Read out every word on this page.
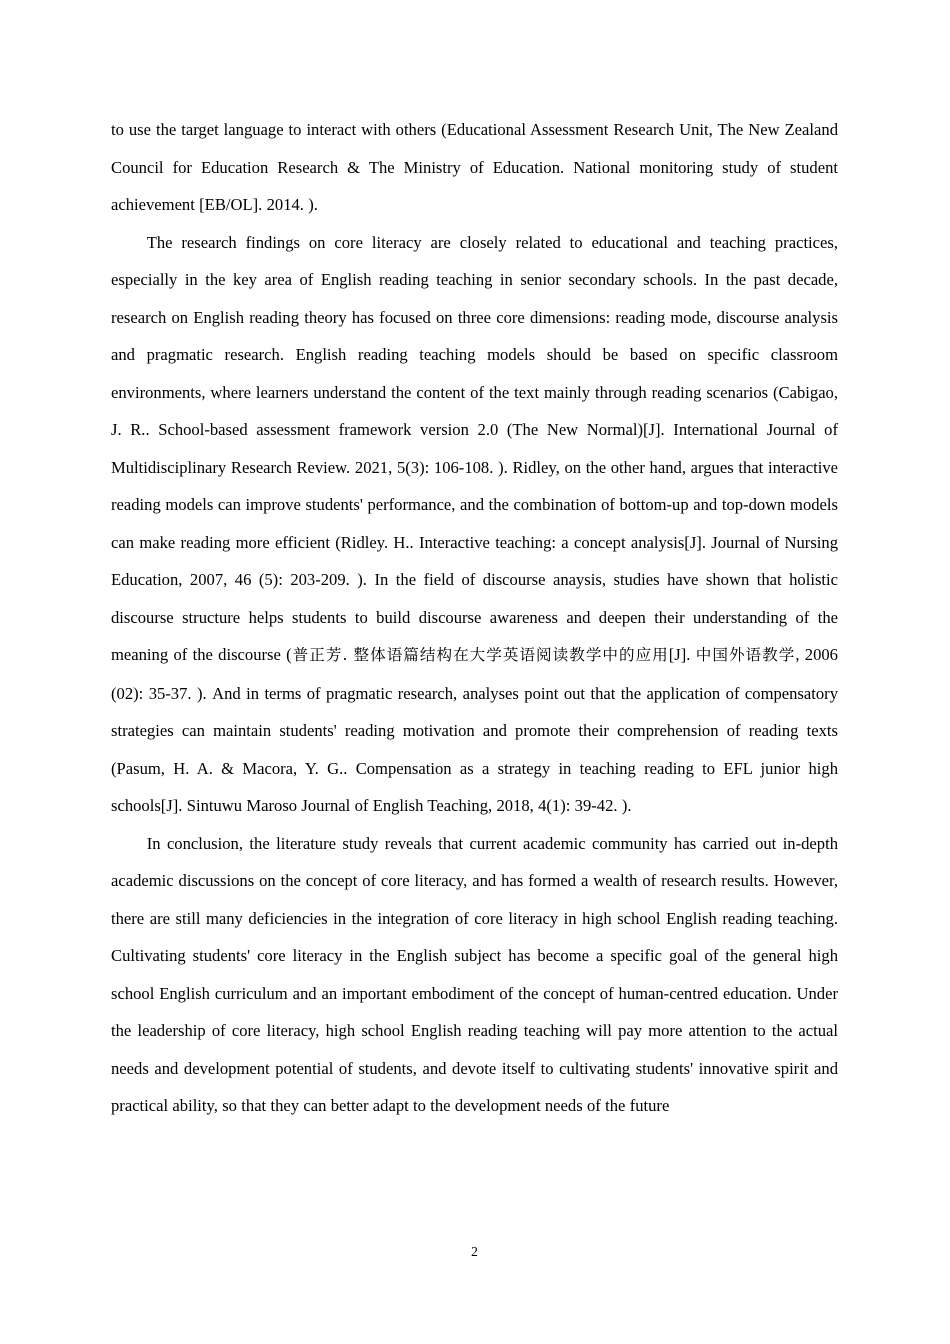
to use the target language to interact with others (Educational Assessment Research Unit, The New Zealand Council for Education Research & The Ministry of Education. National monitoring study of student achievement [EB/OL]. 2014. ).

The research findings on core literacy are closely related to educational and teaching practices, especially in the key area of English reading teaching in senior secondary schools. In the past decade, research on English reading theory has focused on three core dimensions: reading mode, discourse analysis and pragmatic research. English reading teaching models should be based on specific classroom environments, where learners understand the content of the text mainly through reading scenarios (Cabigao, J. R.. School-based assessment framework version 2.0 (The New Normal)[J]. International Journal of Multidisciplinary Research Review. 2021, 5(3): 106-108. ). Ridley, on the other hand, argues that interactive reading models can improve students' performance, and the combination of bottom-up and top-down models can make reading more efficient (Ridley. H.. Interactive teaching: a concept analysis[J]. Journal of Nursing Education, 2007, 46 (5): 203-209. ). In the field of discourse anaysis, studies have shown that holistic discourse structure helps students to build discourse awareness and deepen their understanding of the meaning of the discourse (普正芳. 整体语篇结构在大学英语阅读教学中的应用[J]. 中国外语教学, 2006 (02): 35-37. ). And in terms of pragmatic research, analyses point out that the application of compensatory strategies can maintain students' reading motivation and promote their comprehension of reading texts (Pasum, H. A. & Macora, Y. G.. Compensation as a strategy in teaching reading to EFL junior high schools[J]. Sintuwu Maroso Journal of English Teaching, 2018, 4(1): 39-42. ).

In conclusion, the literature study reveals that current academic community has carried out in-depth academic discussions on the concept of core literacy, and has formed a wealth of research results. However, there are still many deficiencies in the integration of core literacy in high school English reading teaching. Cultivating students' core literacy in the English subject has become a specific goal of the general high school English curriculum and an important embodiment of the concept of human-centred education. Under the leadership of core literacy, high school English reading teaching will pay more attention to the actual needs and development potential of students, and devote itself to cultivating students' innovative spirit and practical ability, so that they can better adapt to the development needs of the future

2
